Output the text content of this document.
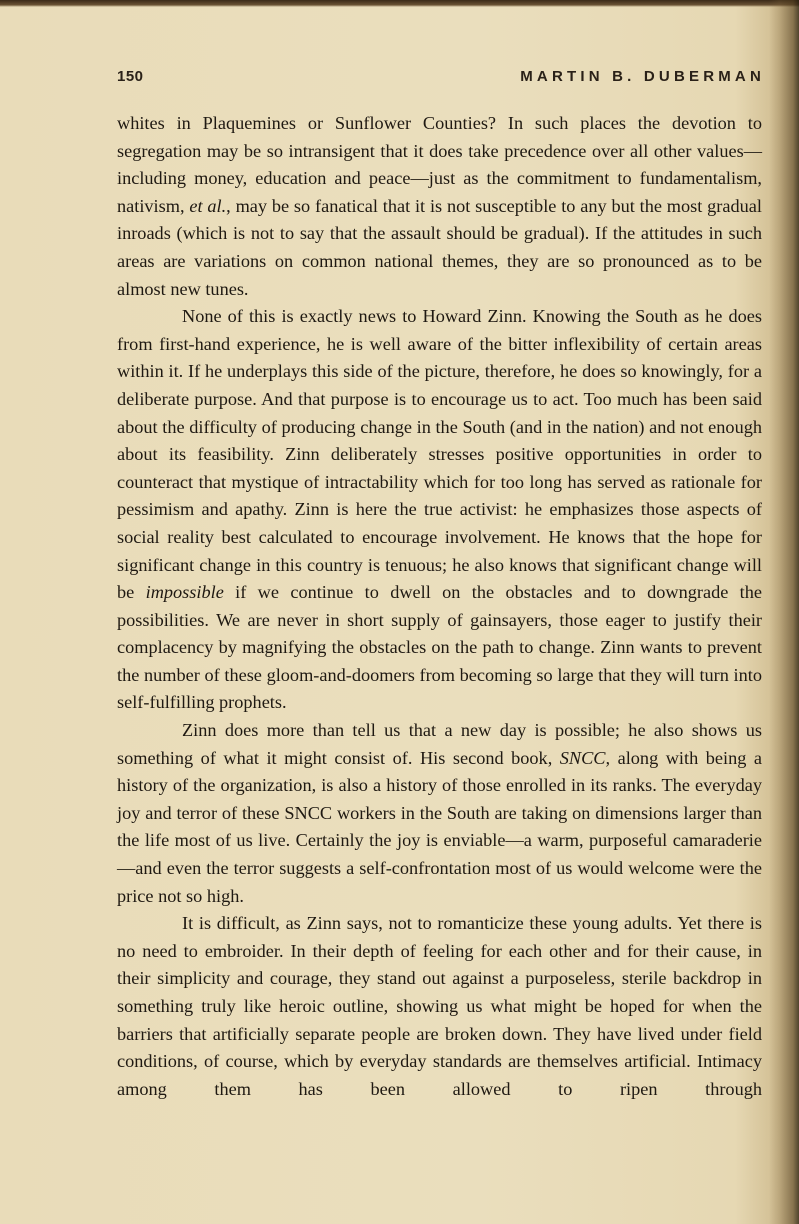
150	MARTIN B. DUBERMAN

whites in Plaquemines or Sunflower Counties? In such places the devotion to segregation may be so intransigent that it does take precedence over all other values—including money, education and peace—just as the commitment to fundamentalism, nativism, et al., may be so fanatical that it is not susceptible to any but the most gradual inroads (which is not to say that the assault should be gradual). If the attitudes in such areas are variations on common national themes, they are so pronounced as to be almost new tunes.

None of this is exactly news to Howard Zinn. Knowing the South as he does from first-hand experience, he is well aware of the bitter inflexibility of certain areas within it. If he underplays this side of the picture, therefore, he does so knowingly, for a deliberate purpose. And that purpose is to encourage us to act. Too much has been said about the difficulty of producing change in the South (and in the nation) and not enough about its feasibility. Zinn deliberately stresses positive opportunities in order to counteract that mystique of intractability which for too long has served as rationale for pessimism and apathy. Zinn is here the true activist: he emphasizes those aspects of social reality best calculated to encourage involvement. He knows that the hope for significant change in this country is tenuous; he also knows that significant change will be impossible if we continue to dwell on the obstacles and to downgrade the possibilities. We are never in short supply of gainsayers, those eager to justify their complacency by magnifying the obstacles on the path to change. Zinn wants to prevent the number of these gloom-and-doomers from becoming so large that they will turn into self-fulfilling prophets.

Zinn does more than tell us that a new day is possible; he also shows us something of what it might consist of. His second book, SNCC, along with being a history of the organization, is also a history of those enrolled in its ranks. The everyday joy and terror of these SNCC workers in the South are taking on dimensions larger than the life most of us live. Certainly the joy is enviable—a warm, purposeful camaraderie—and even the terror suggests a self-confrontation most of us would welcome were the price not so high.

It is difficult, as Zinn says, not to romanticize these young adults. Yet there is no need to embroider. In their depth of feeling for each other and for their cause, in their simplicity and courage, they stand out against a purposeless, sterile backdrop in something truly like heroic outline, showing us what might be hoped for when the barriers that artificially separate people are broken down. They have lived under field conditions, of course, which by everyday standards are themselves artificial. Intimacy among them has been allowed to ripen through
